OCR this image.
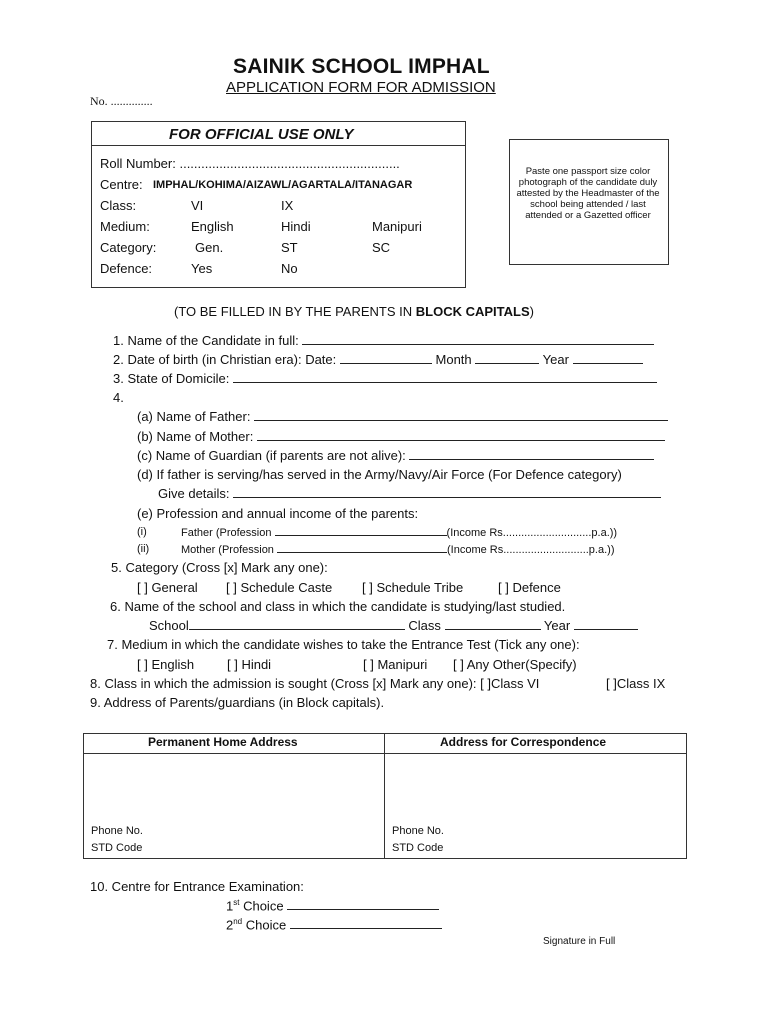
SAINIK SCHOOL IMPHAL
APPLICATION FORM FOR ADMISSION
No. ..............
FOR OFFICIAL USE ONLY
Roll Number: .............................................................
Centre: IMPHAL/KOHIMA/AIZAWL/AGARTALA/ITANAGAR
Class:	VI	IX
Medium:	English	Hindi	Manipuri
Category:	Gen.	ST	SC
Defence:	Yes	No
Paste one passport size color photograph of the candidate duly attested by the Headmaster of the school being attended / last attended or a Gazetted officer
(TO BE FILLED IN BY THE PARENTS IN BLOCK CAPITALS)
1. Name of the Candidate in full:
2. Date of birth (in Christian era): Date:	Month	Year
3. State of Domicile:
4.
(a) Name of Father:
(b) Name of Mother:
(c) Name of Guardian (if parents are not alive):
(d) If father is serving/has served in the Army/Navy/Air Force (For Defence category)
Give details:
(e) Profession and annual income of the parents:
(i)	Father (Profession	(Income Rs.............................p.a.))
(ii)	Mother (Profession	(Income Rs............................p.a.))
5. Category (Cross [x] Mark any one):
[ ] General [ ] Schedule Caste [ ] Schedule Tribe	[ ] Defence
6. Name of the school and class in which the candidate is studying/last studied.
School	Class	Year
7. Medium in which the candidate wishes to take the Entrance Test (Tick any one):
[ ] English	[ ] Hindi	[ ] Manipuri [ ] Any Other(Specify)
8. Class in which the admission is sought (Cross [x] Mark any one): [ ]Class VI	[ ]Class IX
9. Address of Parents/guardians (in Block capitals).
Permanent Home Address	Address for Correspondence
Phone No.
STD Code
Phone No.
STD Code
10. Centre for Entrance Examination:
1st Choice
2nd Choice
Signature in Full
